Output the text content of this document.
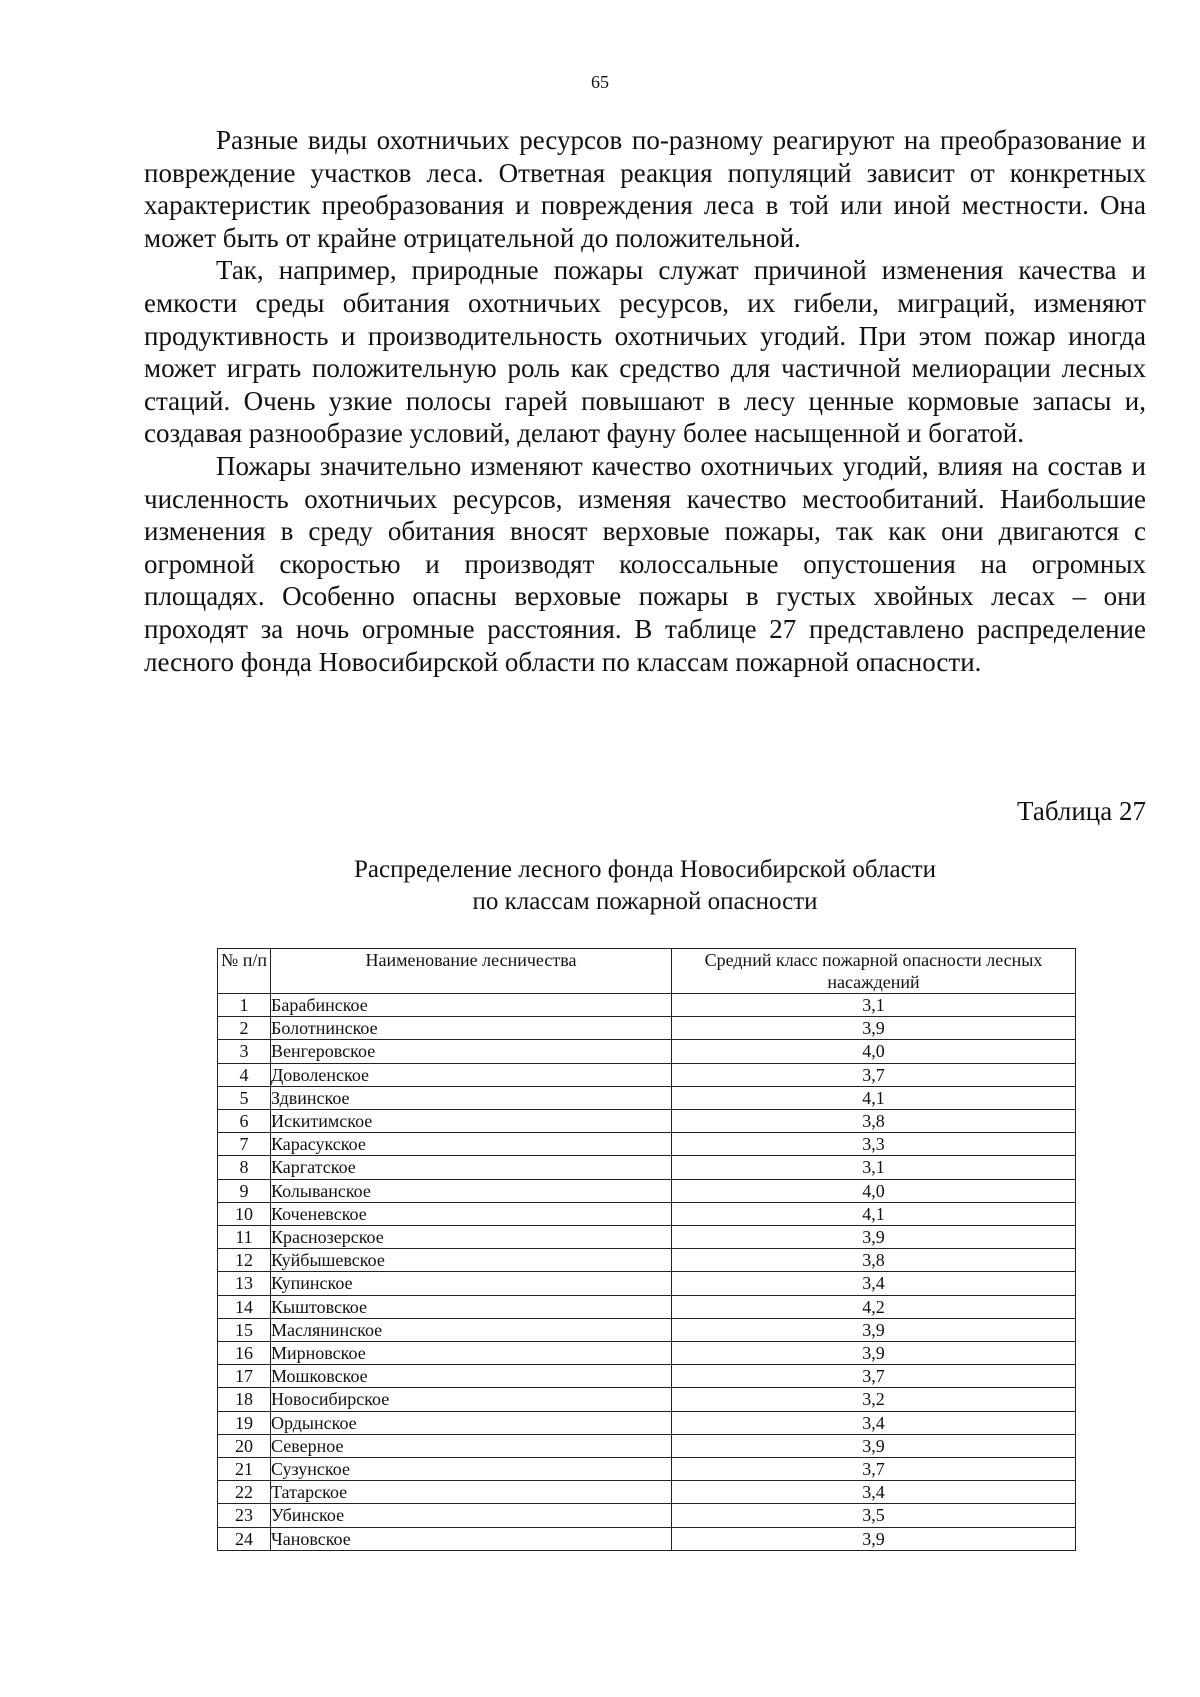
65

Разные виды охотничьих ресурсов по-разному реагируют на преобразование и повреждение участков леса. Ответная реакция популяций зависит от конкретных характеристик преобразования и повреждения леса в той или иной местности. Она может быть от крайне отрицательной до положительной.

Так, например, природные пожары служат причиной изменения качества и емкости среды обитания охотничьих ресурсов, их гибели, миграций, изменяют продуктивность и производительность охотничьих угодий. При этом пожар иногда может играть положительную роль как средство для частичной мелиорации лесных стаций. Очень узкие полосы гарей повышают в лесу ценные кормовые запасы и, создавая разнообразие условий, делают фауну более насыщенной и богатой.

Пожары значительно изменяют качество охотничьих угодий, влияя на состав и численность охотничьих ресурсов, изменяя качество местообитаний. Наибольшие изменения в среду обитания вносят верховые пожары, так как они двигаются с огромной скоростью и производят колоссальные опустошения на огромных площадях. Особенно опасны верховые пожары в густых хвойных лесах – они проходят за ночь огромные расстояния. В таблице 27 представлено распределение лесного фонда Новосибирской области по классам пожарной опасности.

Таблица 27
Распределение лесного фонда Новосибирской области
по классам пожарной опасности
№ п/п	Наименование лесничества	Средний класс пожарной опасности лесных насаждений
1	Барабинское	3,1
2	Болотнинское	3,9
3	Венгеровское	4,0
4	Доволенское	3,7
5	Здвинское	4,1
6	Искитимское	3,8
7	Карасукское	3,3
8	Каргатское	3,1
9	Колыванское	4,0
10	Коченевское	4,1
11	Краснозерское	3,9
12	Куйбышевское	3,8
13	Купинское	3,4
14	Кыштовское	4,2
15	Маслянинское	3,9
16	Мирновское	3,9
17	Мошковское	3,7
18	Новосибирское	3,2
19	Ордынское	3,4
20	Северное	3,9
21	Сузунское	3,7
22	Татарское	3,4
23	Убинское	3,5
24	Чановское	3,9
